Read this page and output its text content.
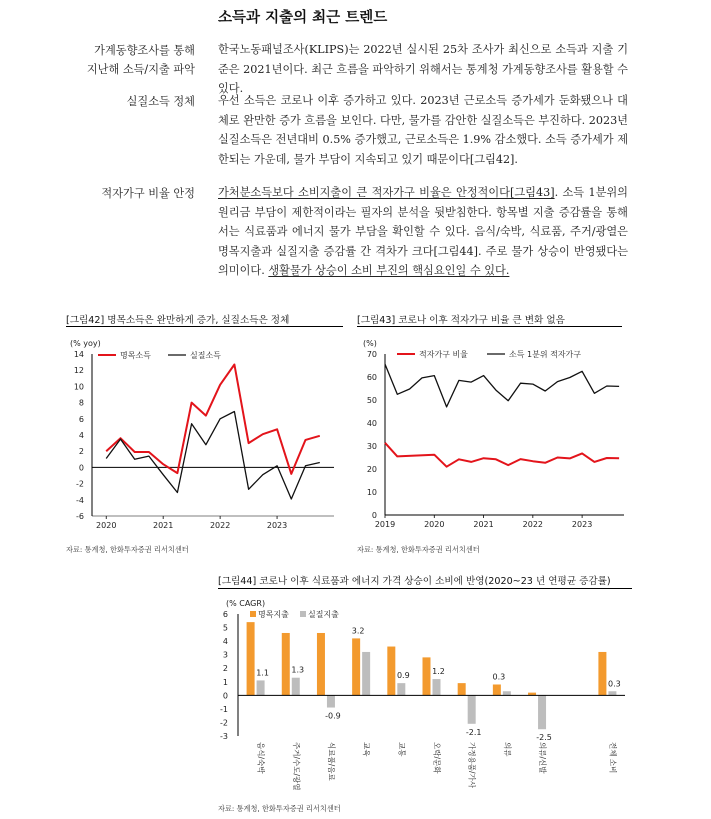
소득과 지출의 최근 트렌드
가계동향조사를 통해
지난해 소득/지출 파악
한국노동패널조사(KLIPS)는 2022년 실시된 25차 조사가 최신으로 소득과 지출 기준은 2021년이다. 최근 흐름을 파악하기 위해서는 통계청 가계동향조사를 활용할 수 있다.
실질소득 정체 우선 소득은 코로나 이후 증가하고 있다. 2023년 근로소득 증가세가 둔화됐으나 대체로 완만한 증가 흐름을 보인다. 다만, 물가를 감안한 실질소득은 부진하다. 2023년 실질소득은 전년대비 0.5% 증가했고, 근로소득은 1.9% 감소했다. 소득 증가세가 제한되는 가운데, 물가 부담이 지속되고 있기 때문이다[그림42].
적자가구 비율 안정 가처분소득보다 소비지출이 큰 적자가구 비율은 안정적이다[그림43]. 소득 1분위의 원리금 부담이 제한적이라는 필자의 분석을 뒷받침한다. 항목별 지출 증감률을 통해서는 식료품과 에너지 물가 부담을 확인할 수 있다. 음식/숙박, 식료품, 주거/광열은 명목지출과 실질지출 증감률 간 격차가 크다[그림44]. 주로 물가 상승이 반영됐다는 의미이다. 생활물가 상승이 소비 부진의 핵심요인일 수 있다.
[그림42] 명목소득은 완만하게 증가, 실질소득은 정체
(% yoy)
-6
-4
-2
0
2
4
6
8
10
12
14
2020	2021	2022	2023
명목소득	실질소득
자료: 통계청, 한화투자증권 리서치센터
[그림43] 코로나 이후 적자가구 비율 큰 변화 없음
(%)
0
10
20
30
40
50
60
70
2019	2020	2021	2022	2023
적자가구 비율	소득 1분위 적자가구
자료: 통계청, 한화투자증권 리서치센터
[그림44] 코로나 이후 식료품과 에너지 가격 상승이 소비에 반영(2020~23 년 연평균 증감률)
(% CAGR)
-3
-2
-1
0
1
2
3
4
5
6
1.1	1.3
-0.9
3.2
0.9	1.2
-2.1
0.3
-2.5
0.3
음식/숙박	주거/수도/광열	식료품/음료	교육	교통	오락/문화	가정용품/가사	의류	의류/신발	전체 소비
명목지출 실질지출
자료: 통계청, 한화투자증권 리서치센터
